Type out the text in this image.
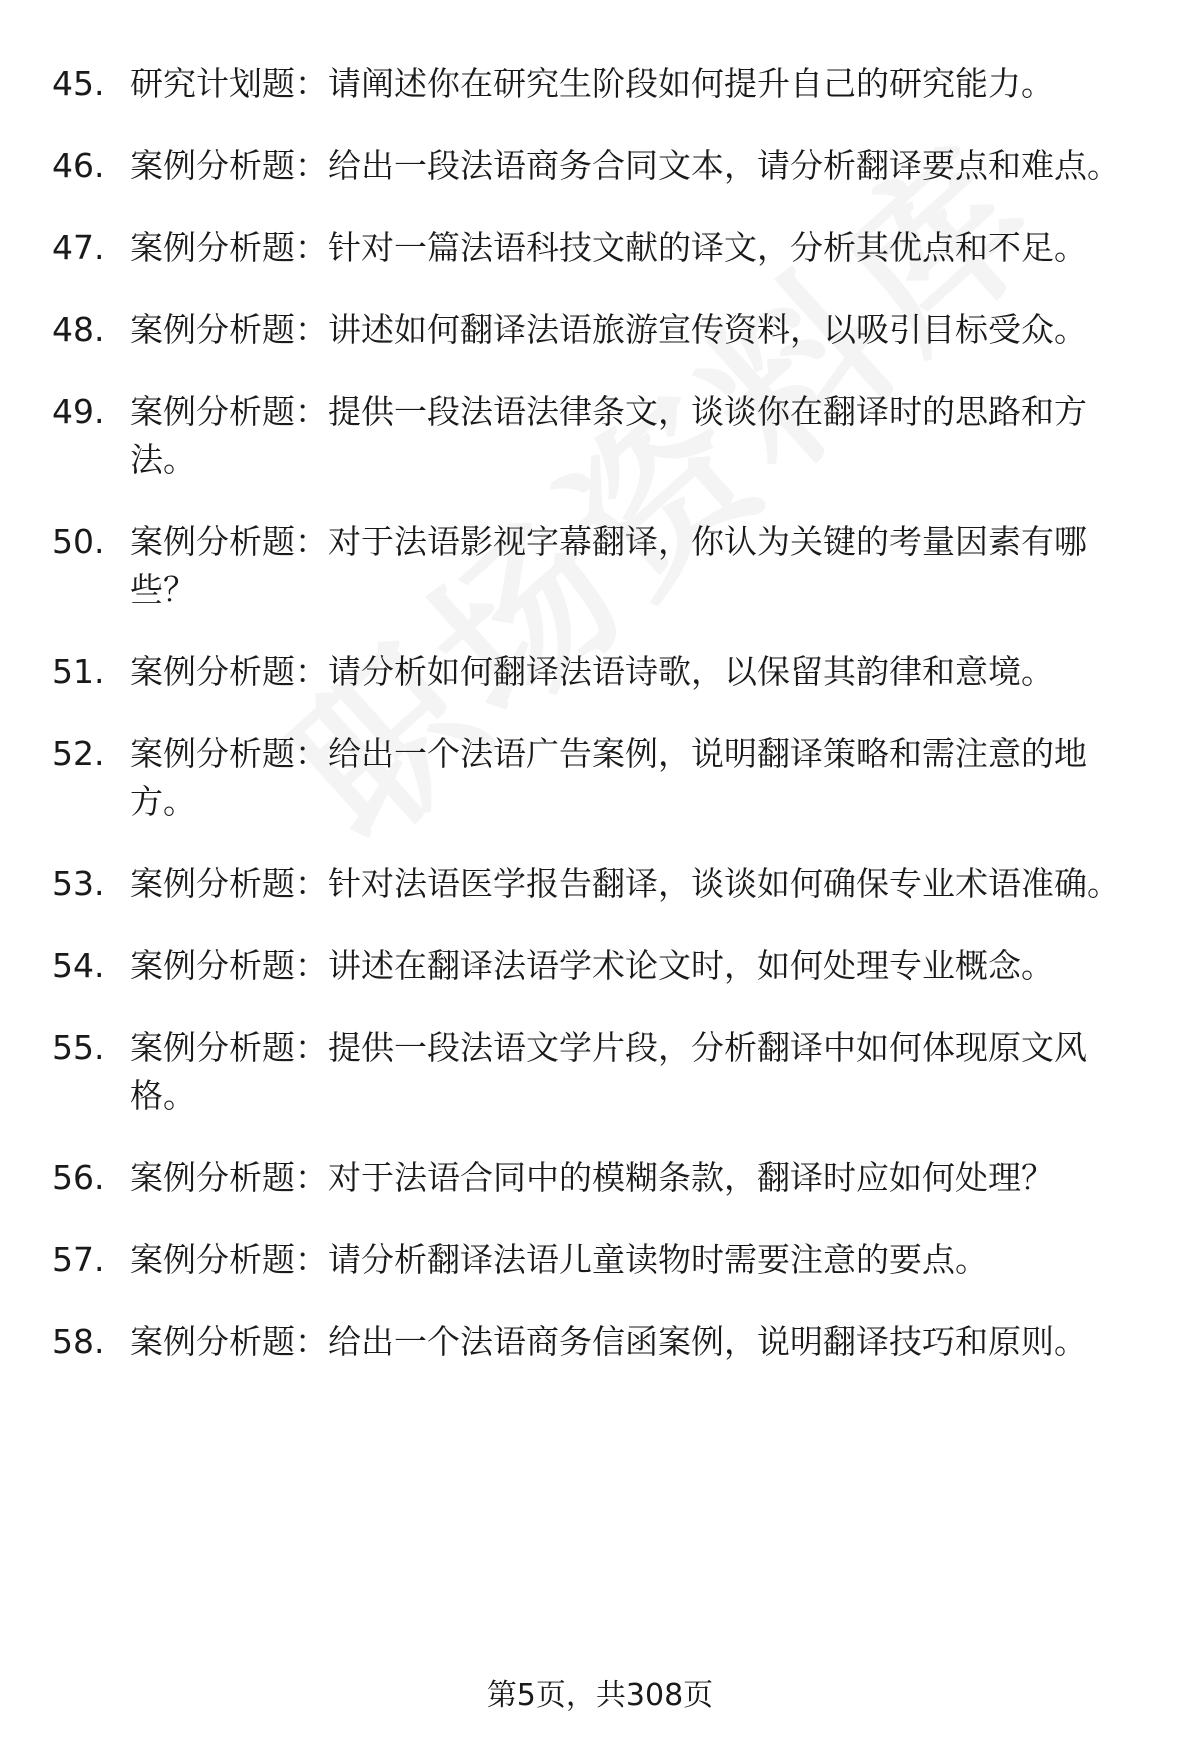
45. 研究计划题：请阐述你在研究生阶段如何提升自己的研究能力。
46. 案例分析题：给出一段法语商务合同文本，请分析翻译要点和难点。
47. 案例分析题：针对一篇法语科技文献的译文，分析其优点和不足。
48. 案例分析题：讲述如何翻译法语旅游宣传资料，以吸引目标受众。
49. 案例分析题：提供一段法语法律条文，谈谈你在翻译时的思路和方法。
50. 案例分析题：对于法语影视字幕翻译，你认为关键的考量因素有哪些？
51. 案例分析题：请分析如何翻译法语诗歌，以保留其韵律和意境。
52. 案例分析题：给出一个法语广告案例，说明翻译策略和需注意的地方。
53. 案例分析题：针对法语医学报告翻译，谈谈如何确保专业术语准确。
54. 案例分析题：讲述在翻译法语学术论文时，如何处理专业概念。
55. 案例分析题：提供一段法语文学片段，分析翻译中如何体现原文风格。
56. 案例分析题：对于法语合同中的模糊条款，翻译时应如何处理？
57. 案例分析题：请分析翻译法语儿童读物时需要注意的要点。
58. 案例分析题：给出一个法语商务信函案例，说明翻译技巧和原则。
第5页，共308页
